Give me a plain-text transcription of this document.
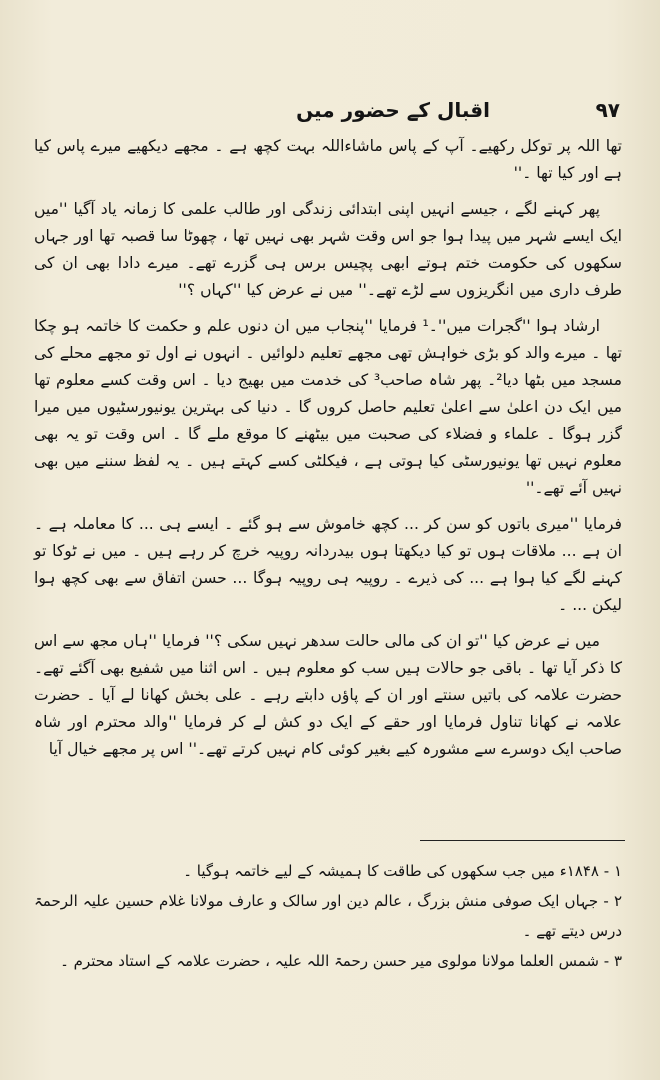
۹۷
اقبال کے حضور میں

تھا اللہ پر توکل رکھیے۔ آپ کے پاس ماشاءاللہ بہت کچھ ہے ۔ مجھے دیکھیے میرے پاس کیا ہے اور کیا تھا ۔''

پھر کہنے لگے ، جیسے انہیں اپنی ابتدائی زندگی اور طالب علمی کا زمانہ یاد آگیا ''میں ایک ایسے شہر میں پیدا ہوا جو اس وقت شہر بھی نہیں تھا ، چھوٹا سا قصبہ تھا اور جہاں سکھوں کی حکومت ختم ہوتے ابھی پچیس برس ہی گزرے تھے۔ میرے دادا بھی ان کی طرف داری میں انگریزوں سے لڑے تھے۔'' میں نے عرض کیا ''کہاں ؟''

ارشاد ہوا ''گجرات میں''۔¹ فرمایا ''پنجاب میں ان دنوں علم و حکمت کا خاتمہ ہو چکا تھا ۔ میرے والد کو بڑی خواہش تھی مجھے تعلیم دلوائیں ۔ انہوں نے اول تو مجھے محلے کی مسجد میں بٹھا دیا²۔ پھر شاہ صاحب³ کی خدمت میں بھیج دیا ۔ اس وقت کسے معلوم تھا میں ایک دن اعلیٰ سے اعلیٰ تعلیم حاصل کروں گا ۔ دنیا کی بہترین یونیورسٹیوں میں میرا گزر ہوگا ۔ علماء و فضلاء کی صحبت میں بیٹھنے کا موقع ملے گا ۔ اس وقت تو یہ بھی معلوم نہیں تھا یونیورسٹی کیا ہوتی ہے ، فیکلٹی کسے کہتے ہیں ۔ یہ لفظ سننے میں بھی نہیں آئے تھے۔''

فرمایا ''میری باتوں کو سن کر ... کچھ خاموش سے ہو گئے ۔ ایسے ہی ... کا معاملہ ہے ۔ ان ہے ... ملاقات ہوں تو کیا دیکھتا ہوں بیدردانہ روپیہ خرچ کر رہے ہیں ۔ میں نے ٹوکا تو کہنے لگے کیا ہوا ہے ... کی ذیرے ۔ روپیہ ہی روپیہ ہوگا ... حسن اتفاق سے بھی کچھ ہوا لیکن ... ۔

میں نے عرض کیا ''تو ان کی مالی حالت سدھر نہیں سکی ؟'' فرمایا ''ہاں مجھ سے اس کا ذکر آیا تھا ۔ باقی جو حالات ہیں سب کو معلوم ہیں ۔ اس اثنا میں شفیع بھی آگئے تھے۔ حضرت علامہ کی باتیں سنتے اور ان کے پاؤں دابتے رہے ۔ علی بخش کھانا لے آیا ۔ حضرت علامہ نے کھانا تناول فرمایا اور حقے کے ایک دو کش لے کر فرمایا ''والد محترم اور شاہ صاحب ایک دوسرے سے مشورہ کیے بغیر کوئی کام نہیں کرتے تھے۔'' اس پر مجھے خیال آیا

۱ - ۱۸۴۸ء میں جب سکھوں کی طاقت کا ہمیشہ کے لیے خاتمہ ہوگیا ۔

۲ - جہاں ایک صوفی منش بزرگ ، عالم دین اور سالک و عارف مولانا غلام حسین علیہ الرحمۃ درس دیتے تھے ۔

۳ - شمس العلما مولانا مولوی میر حسن رحمۃ اللہ علیہ ، حضرت علامہ کے استاد محترم ۔
